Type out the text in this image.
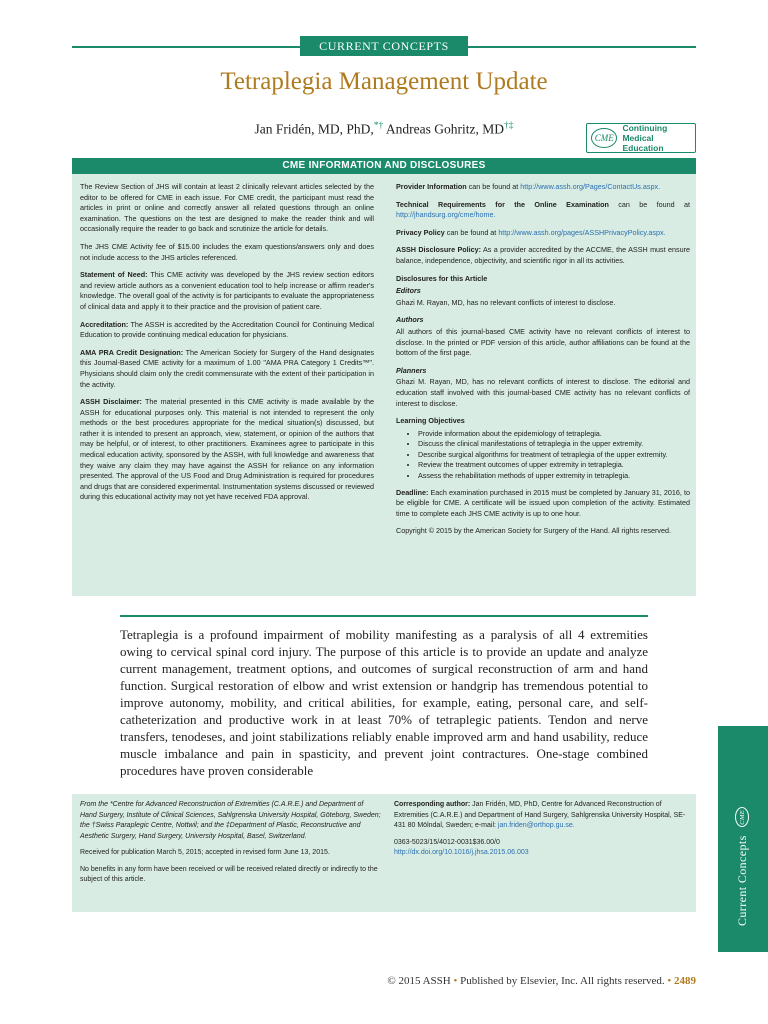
CURRENT CONCEPTS
Tetraplegia Management Update
Jan Fridén, MD, PhD,*† Andreas Gohritz, MD†‡
CME
Continuing Medical
Education
CME INFORMATION AND DISCLOSURES

The Review Section of JHS will contain at least 2 clinically relevant articles selected by the editor to be offered for CME in each issue. For CME credit, the participant must read the articles in print or online and correctly answer all related questions through an online examination. The questions on the test are designed to make the reader think and will occasionally require the reader to go back and scrutinize the article for details.

The JHS CME Activity fee of $15.00 includes the exam questions/answers only and does not include access to the JHS articles referenced.

Statement of Need: This CME activity was developed by the JHS review section editors and review article authors as a convenient education tool to help increase or affirm reader's knowledge. The overall goal of the activity is for participants to evaluate the appropriateness of clinical data and apply it to their practice and the provision of patient care.

Accreditation: The ASSH is accredited by the Accreditation Council for Continuing Medical Education to provide continuing medical education for physicians.

AMA PRA Credit Designation: The American Society for Surgery of the Hand designates this Journal-Based CME activity for a maximum of 1.00 "AMA PRA Category 1 Credits™". Physicians should claim only the credit commensurate with the extent of their participation in the activity.

ASSH Disclaimer: The material presented in this CME activity is made available by the ASSH for educational purposes only. This material is not intended to represent the only methods or the best procedures appropriate for the medical situation(s) discussed, but rather it is intended to present an approach, view, statement, or opinion of the authors that may be helpful, or of interest, to other practitioners. Examinees agree to participate in this medical education activity, sponsored by the ASSH, with full knowledge and awareness that they waive any claim they may have against the ASSH for reliance on any information presented. The approval of the US Food and Drug Administration is required for procedures and drugs that are considered experimental. Instrumentation systems discussed or reviewed during this educational activity may not yet have received FDA approval.

Provider Information can be found at http://www.assh.org/Pages/ContactUs.aspx.

Technical Requirements for the Online Examination can be found at http://jhandsurg.org/cme/home.

Privacy Policy can be found at http://www.assh.org/pages/ASSHPrivacyPolicy.aspx.

ASSH Disclosure Policy: As a provider accredited by the ACCME, the ASSH must ensure balance, independence, objectivity, and scientific rigor in all its activities.

Disclosures for this Article

Editors

Ghazi M. Rayan, MD, has no relevant conflicts of interest to disclose.

Authors

All authors of this journal-based CME activity have no relevant conflicts of interest to disclose. In the printed or PDF version of this article, author affiliations can be found at the bottom of the first page.

Planners

Ghazi M. Rayan, MD, has no relevant conflicts of interest to disclose. The editorial and education staff involved with this journal-based CME activity has no relevant conflicts of interest to disclose.

Learning Objectives

• Provide information about the epidemiology of tetraplegia.
• Discuss the clinical manifestations of tetraplegia in the upper extremity.
• Describe surgical algorithms for treatment of tetraplegia of the upper extremity.
• Review the treatment outcomes of upper extremity in tetraplegia.
• Assess the rehabilitation methods of upper extremity in tetraplegia.

Deadline: Each examination purchased in 2015 must be completed by January 31, 2016, to be eligible for CME. A certificate will be issued upon completion of the activity. Estimated time to complete each JHS CME activity is up to one hour.

Copyright © 2015 by the American Society for Surgery of the Hand. All rights reserved.

Tetraplegia is a profound impairment of mobility manifesting as a paralysis of all 4 extremities owing to cervical spinal cord injury. The purpose of this article is to provide an update and analyze current management, treatment options, and outcomes of surgical reconstruction of arm and hand function. Surgical restoration of elbow and wrist extension or handgrip has tremendous potential to improve autonomy, mobility, and critical abilities, for example, eating, personal care, and self-catheterization and productive work in at least 70% of tetraplegic patients. Tendon and nerve transfers, tenodeses, and joint stabilizations reliably enable improved arm and hand usability, reduce muscle imbalance and pain in spasticity, and prevent joint contractures. One-stage combined procedures have proven considerable

From the *Centre for Advanced Reconstruction of Extremities (C.A.R.E.) and Department of Hand Surgery, Institute of Clinical Sciences, Sahlgrenska University Hospital, Göteborg, Sweden; the †Swiss Paraplegic Centre, Nottwil; and the ‡Department of Plastic, Reconstructive and Aesthetic Surgery, Hand Surgery, University Hospital, Basel, Switzerland.

Received for publication March 5, 2015; accepted in revised form June 13, 2015.

No benefits in any form have been received or will be received related directly or indirectly to the subject of this article.

Corresponding author: Jan Fridén, MD, PhD, Centre for Advanced Reconstruction of Extremities (C.A.R.E.) and Department of Hand Surgery, Sahlgrenska University Hospital, SE-431 80 Mölndal, Sweden; e-mail: jan.friden@orthop.gu.se.

0363-5023/15/4012-0031$36.00/0

http://dx.doi.org/10.1016/j.jhsa.2015.06.003	Current Concepts
CME
© 2015 ASSH • Published by Elsevier, Inc. All rights reserved. • 2489
